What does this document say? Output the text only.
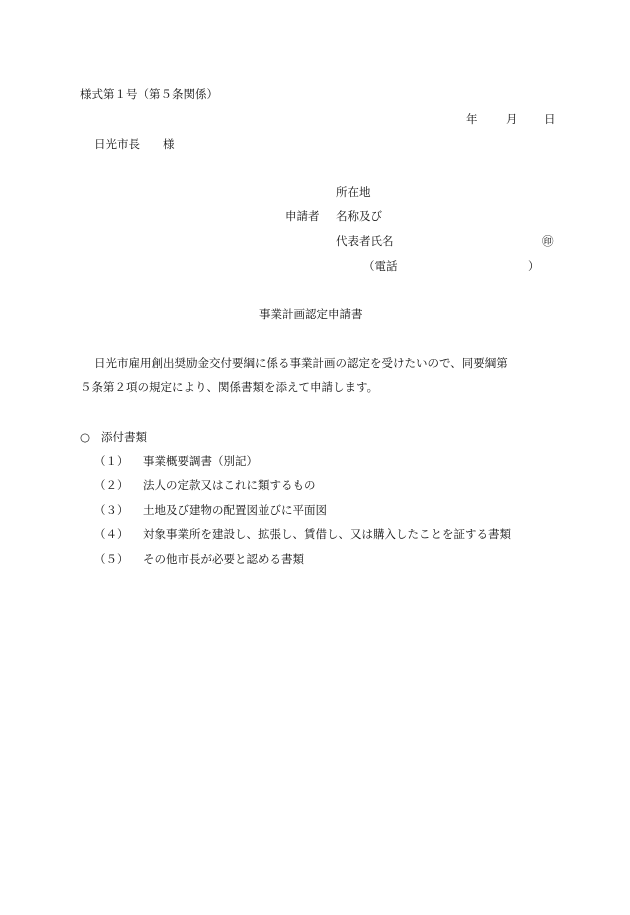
様式第１号（第５条関係）
年 月 日
日光市長　　様
所在地
申請者 名称及び
代表者氏名	㊞
（電話	）
事業計画認定申請書
日光市雇用創出奨励金交付要綱に係る事業計画の認定を受けたいので、同要綱第
５条第２項の規定により、関係書類を添えて申請します。
○ 添付書類
（１） 事業概要調書（別記）
（２） 法人の定款又はこれに類するもの
（３） 土地及び建物の配置図並びに平面図
（４） 対象事業所を建設し、拡張し、賃借し、又は購入したことを証する書類
（５） その他市長が必要と認める書類
